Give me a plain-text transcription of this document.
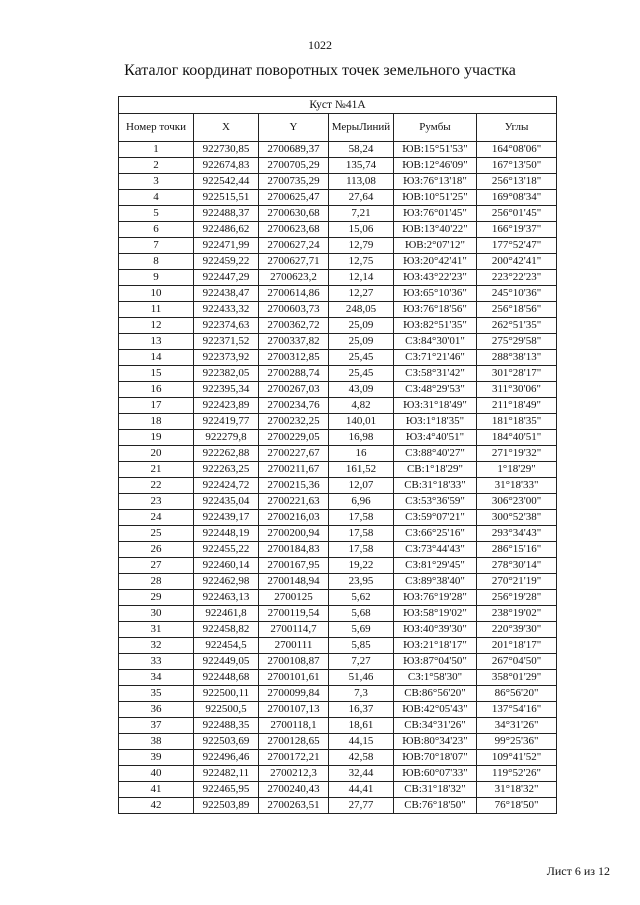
1022
Каталог координат поворотных точек земельного участка
Куст №41А					
Номер точки	X	Y	МерыЛиний	Румбы	Углы
1	922730,85	2700689,37	58,24	ЮВ:15°51'53"	164°08'06"
2	922674,83	2700705,29	135,74	ЮВ:12°46'09"	167°13'50"
3	922542,44	2700735,29	113,08	ЮЗ:76°13'18"	256°13'18"
4	922515,51	2700625,47	27,64	ЮВ:10°51'25"	169°08'34"
5	922488,37	2700630,68	7,21	ЮЗ:76°01'45"	256°01'45"
6	922486,62	2700623,68	15,06	ЮВ:13°40'22"	166°19'37"
7	922471,99	2700627,24	12,79	ЮВ:2°07'12"	177°52'47"
8	922459,22	2700627,71	12,75	ЮЗ:20°42'41"	200°42'41"
9	922447,29	2700623,2	12,14	ЮЗ:43°22'23"	223°22'23"
10	922438,47	2700614,86	12,27	ЮЗ:65°10'36"	245°10'36"
11	922433,32	2700603,73	248,05	ЮЗ:76°18'56"	256°18'56"
12	922374,63	2700362,72	25,09	ЮЗ:82°51'35"	262°51'35"
13	922371,52	2700337,82	25,09	СЗ:84°30'01"	275°29'58"
14	922373,92	2700312,85	25,45	СЗ:71°21'46"	288°38'13"
15	922382,05	2700288,74	25,45	СЗ:58°31'42"	301°28'17"
16	922395,34	2700267,03	43,09	СЗ:48°29'53"	311°30'06"
17	922423,89	2700234,76	4,82	ЮЗ:31°18'49"	211°18'49"
18	922419,77	2700232,25	140,01	ЮЗ:1°18'35"	181°18'35"
19	922279,8	2700229,05	16,98	ЮЗ:4°40'51"	184°40'51"
20	922262,88	2700227,67	16	СЗ:88°40'27"	271°19'32"
21	922263,25	2700211,67	161,52	СВ:1°18'29"	1°18'29"
22	922424,72	2700215,36	12,07	СВ:31°18'33"	31°18'33"
23	922435,04	2700221,63	6,96	СЗ:53°36'59"	306°23'00"
24	922439,17	2700216,03	17,58	СЗ:59°07'21"	300°52'38"
25	922448,19	2700200,94	17,58	СЗ:66°25'16"	293°34'43"
26	922455,22	2700184,83	17,58	СЗ:73°44'43"	286°15'16"
27	922460,14	2700167,95	19,22	СЗ:81°29'45"	278°30'14"
28	922462,98	2700148,94	23,95	СЗ:89°38'40"	270°21'19"
29	922463,13	2700125	5,62	ЮЗ:76°19'28"	256°19'28"
30	922461,8	2700119,54	5,68	ЮЗ:58°19'02"	238°19'02"
31	922458,82	2700114,7	5,69	ЮЗ:40°39'30"	220°39'30"
32	922454,5	2700111	5,85	ЮЗ:21°18'17"	201°18'17"
33	922449,05	2700108,87	7,27	ЮЗ:87°04'50"	267°04'50"
34	922448,68	2700101,61	51,46	СЗ:1°58'30"	358°01'29"
35	922500,11	2700099,84	7,3	СВ:86°56'20"	86°56'20"
36	922500,5	2700107,13	16,37	ЮВ:42°05'43"	137°54'16"
37	922488,35	2700118,1	18,61	СВ:34°31'26"	34°31'26"
38	922503,69	2700128,65	44,15	ЮВ:80°34'23"	99°25'36"
39	922496,46	2700172,21	42,58	ЮВ:70°18'07"	109°41'52"
40	922482,11	2700212,3	32,44	ЮВ:60°07'33"	119°52'26"
41	922465,95	2700240,43	44,41	СВ:31°18'32"	31°18'32"
42	922503,89	2700263,51	27,77	СВ:76°18'50"	76°18'50"
Лист 6 из 12
